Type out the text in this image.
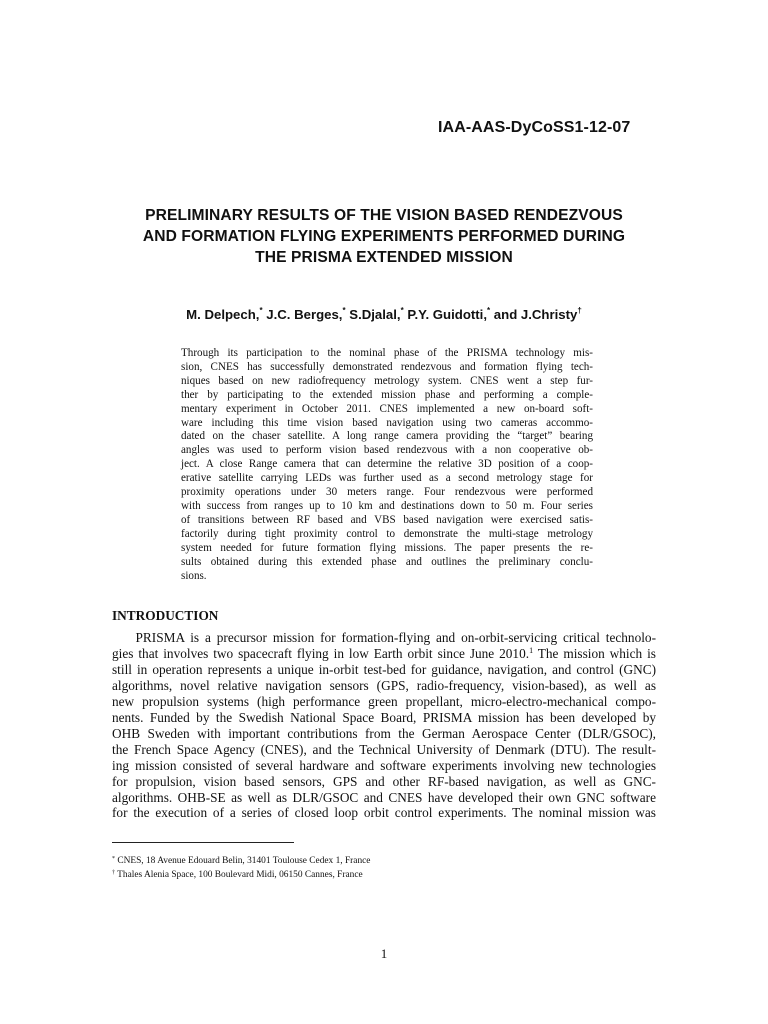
IAA-AAS-DyCoSS1-12-07
PRELIMINARY RESULTS OF THE VISION BASED RENDEZVOUS
AND FORMATION FLYING EXPERIMENTS PERFORMED DURING
THE PRISMA EXTENDED MISSION
M. Delpech,* J.C. Berges,* S.Djalal,* P.Y. Guidotti,* and J.Christy†
Through its participation to the nominal phase of the PRISMA technology mis-
sion, CNES has successfully demonstrated rendezvous and formation flying tech-
niques based on new radiofrequency metrology system. CNES went a step fur-
ther by participating to the extended mission phase and performing a comple-
mentary experiment in October 2011. CNES implemented a new on-board soft-
ware including this time vision based navigation using two cameras accommo-
dated on the chaser satellite. A long range camera providing the “target” bearing
angles was used to perform vision based rendezvous with a non cooperative ob-
ject. A close Range camera that can determine the relative 3D position of a coop-
erative satellite carrying LEDs was further used as a second metrology stage for
proximity operations under 30 meters range. Four rendezvous were performed
with success from ranges up to 10 km and destinations down to 50 m. Four series
of transitions between RF based and VBS based navigation were exercised satis-
factorily during tight proximity control to demonstrate the multi-stage metrology
system needed for future formation flying missions. The paper presents the re-
sults obtained during this extended phase and outlines the preliminary conclu-
sions.
INTRODUCTION
PRISMA is a precursor mission for formation-flying and on-orbit-servicing critical technolo-
gies that involves two spacecraft flying in low Earth orbit since June 2010.$^1$ The mission which is
still in operation represents a unique in-orbit test-bed for guidance, navigation, and control (GNC)
algorithms, novel relative navigation sensors (GPS, radio-frequency, vision-based), as well as
new propulsion systems (high performance green propellant, micro-electro-mechanical compo-
nents. Funded by the Swedish National Space Board, PRISMA mission has been developed by
OHB Sweden with important contributions from the German Aerospace Center (DLR/GSOC),
the French Space Agency (CNES), and the Technical University of Denmark (DTU). The result-
ing mission consisted of several hardware and software experiments involving new technologies
for propulsion, vision based sensors, GPS and other RF-based navigation, as well as GNC-
algorithms. OHB-SE as well as DLR/GSOC and CNES have developed their own GNC software
for the execution of a series of closed loop orbit control experiments. The nominal mission was
* CNES, 18 Avenue Edouard Belin, 31401 Toulouse Cedex 1, France
† Thales Alenia Space, 100 Boulevard Midi, 06150 Cannes, France
1
